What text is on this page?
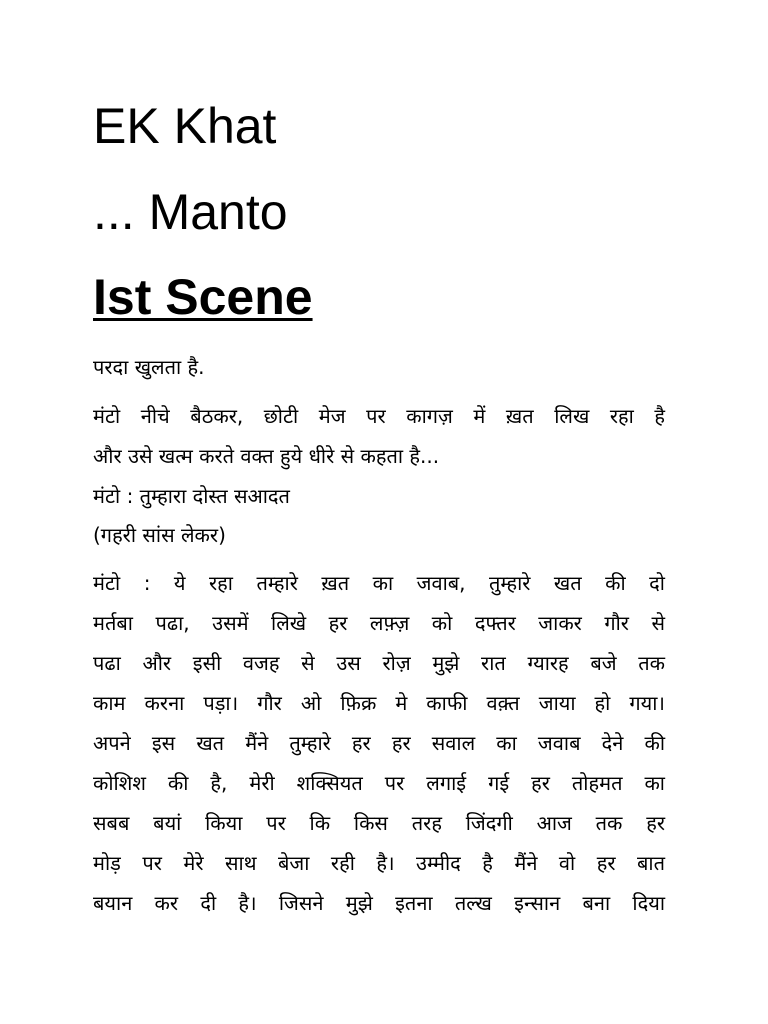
EK Khat
... Manto
Ist Scene

परदा खुलता है.

मंटो नीचे बैठकर, छोटी मेज पर कागज़ में ख़त लिख रहा है

और उसे खत्म करते वक्त हुये धीरे से कहता है...

मंटो : तुम्हारा दोस्त सआदत

(गहरी सांस लेकर)

मंटो : ये रहा तम्हारे ख़त का जवाब, तुम्हारे खत की दो

मर्तबा पढा, उसमें लिखे हर लफ़्ज़ को दफ्तर जाकर गौर से

पढा और इसी वजह से उस रोज़ मुझे रात ग्यारह बजे तक

काम करना पड़ा। गौर ओ फ़िक्र मे काफी वक़्त जाया हो गया।

अपने इस खत मैंने तुम्हारे हर हर सवाल का जवाब देने की

कोशिश की है, मेरी शक्सियत पर लगाई गई हर तोहमत का

सबब बयां किया पर कि किस तरह जिंदगी आज तक हर

मोड़ पर मेरे साथ बेजा रही है। उम्मीद है मैंने वो हर बात

बयान कर दी है। जिसने मुझे इतना तल्ख इन्सान बना दिया
